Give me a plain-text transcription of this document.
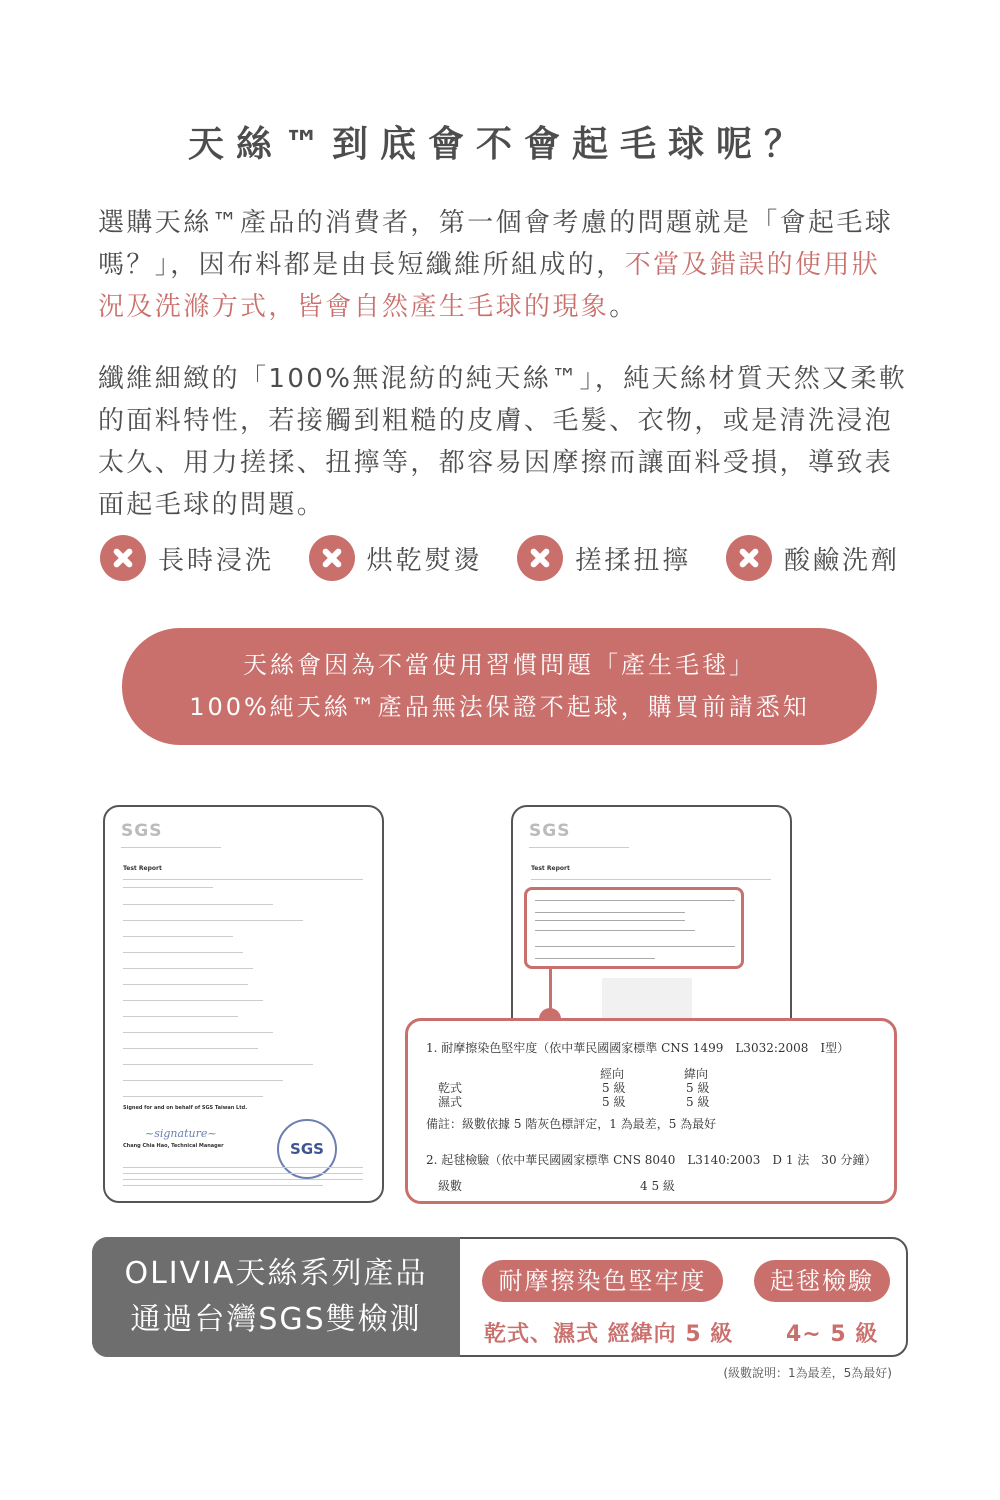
天絲™到底會不會起毛球呢？

選購天絲™產品的消費者，第一個會考慮的問題就是「會起毛球嗎？」，因布料都是由長短纖維所組成的，不當及錯誤的使用狀況及洗滌方式，皆會自然產生毛球的現象。

纖維細緻的「100%無混紡的純天絲™」，純天絲材質天然又柔軟的面料特性，若接觸到粗糙的皮膚、毛髮、衣物，或是清洗浸泡太久、用力搓揉、扭擰等，都容易因摩擦而讓面料受損，導致表面起毛球的問題。

長時浸洗	烘乾熨燙	搓揉扭擰	酸鹼洗劑
天絲會因為不當使用習慣問題「產生毛毬」
100%純天絲™產品無法保證不起球，購買前請悉知
SGS
Test Report
Signed for and on behalf of SGS Taiwan Ltd.
~signature~
Chang Chia Hao, Technical Manager	SGS
SGS
Test Report
1. 耐摩擦染色堅牢度（依中華民國國家標準 CNS 1499　L3032:2008　Ⅰ型）
經向	緯向
乾式	5 級	5 級
濕式	5 級	5 級
備註：級數依據 5 階灰色標評定，1 為最差，5 為最好
2. 起毬檢驗（依中華民國國家標準 CNS 8040　L3140:2003　D 1 法　30 分鐘）
級數	4 5 級
OLIVIA天絲系列產品
通過台灣SGS雙檢測
耐摩擦染色堅牢度	起毬檢驗
乾式、濕式 經緯向 5 級 4~ 5 級
(級數說明：1為最差，5為最好)
